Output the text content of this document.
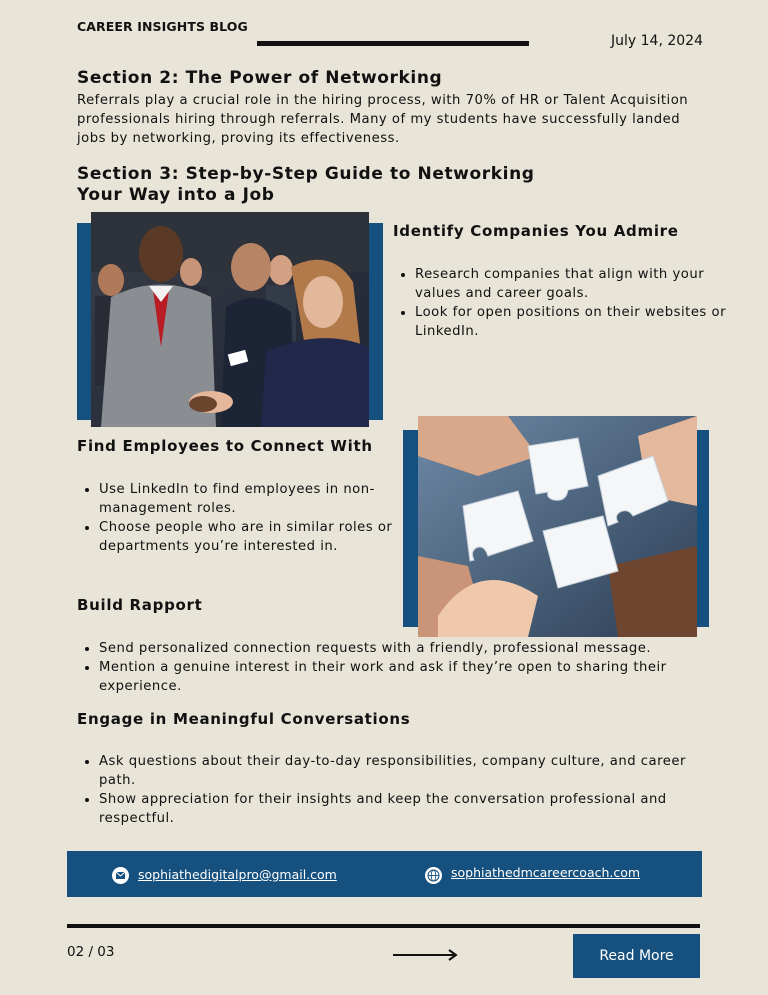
CAREER INSIGHTS BLOG
July 14, 2024
Section 2: The Power of Networking
Referrals play a crucial role in the hiring process, with 70% of HR or Talent Acquisition professionals hiring through referrals. Many of my students have successfully landed jobs by networking, proving its effectiveness.
Section 3: Step-by-Step Guide to Networking
Your Way into a Job
Identify Companies You Admire
• Research companies that align with your values and career goals.
• Look for open positions on their websites or LinkedIn.
Find Employees to Connect With
• Use LinkedIn to find employees in non-management roles.
• Choose people who are in similar roles or departments you’re interested in.
Build Rapport
• Send personalized connection requests with a friendly, professional message.
• Mention a genuine interest in their work and ask if they’re open to sharing their experience.
Engage in Meaningful Conversations
• Ask questions about their day-to-day responsibilities, company culture, and career path.
• Show appreciation for their insights and keep the conversation professional and respectful.
sophiathedigitalpro@gmail.com	sophiathedmcareercoach.com
02 / 03	Read More
